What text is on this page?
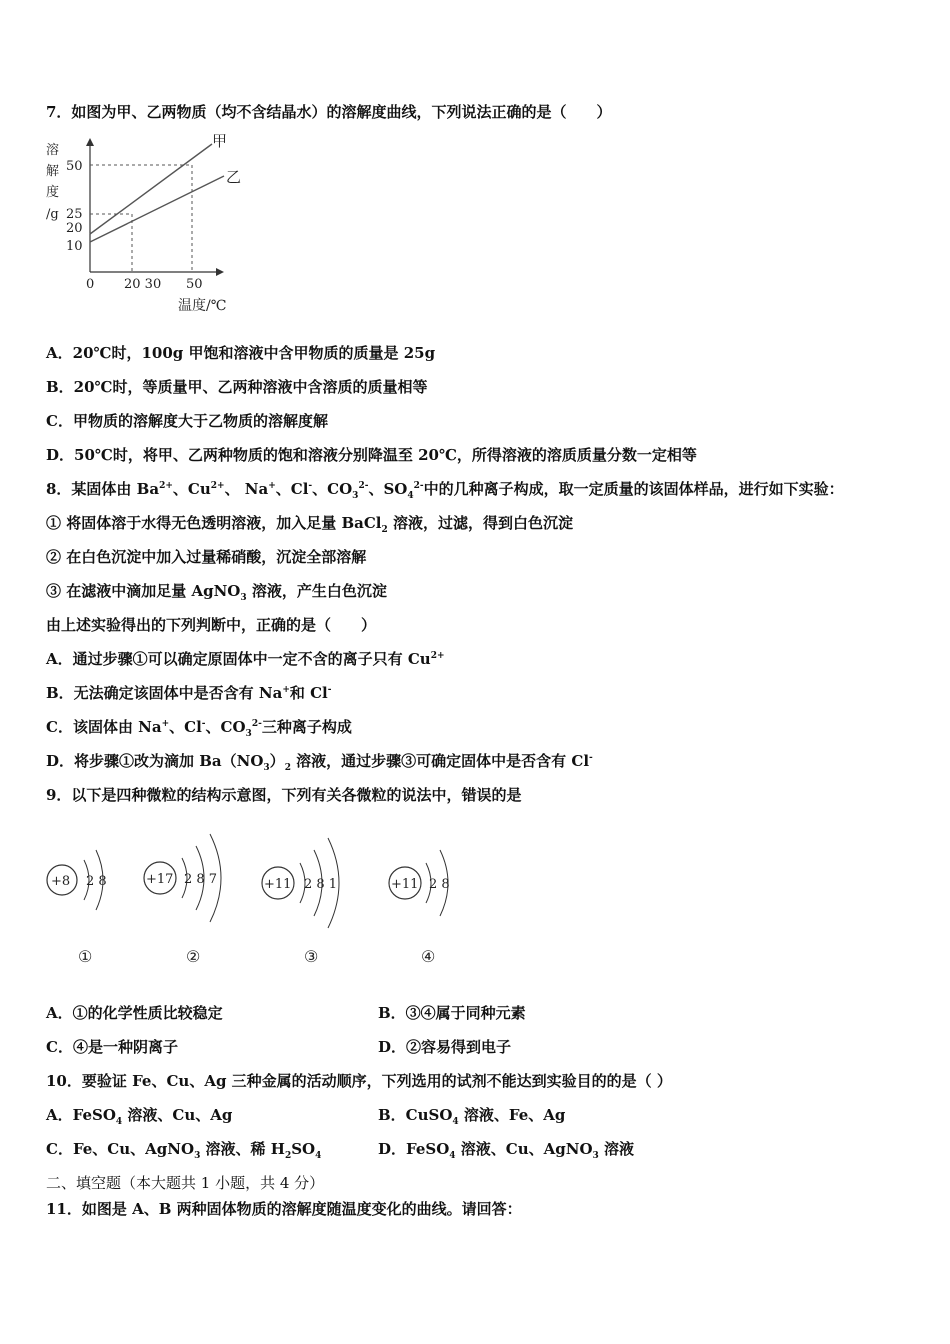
7．如图为甲、乙两物质（均不含结晶水）的溶解度曲线，下列说法正确的是（　　）
溶
解
度
/g
50
25
20
10
甲
乙
0 20 30 50
温度/℃
A．20℃时，100g 甲饱和溶液中含甲物质的质量是 25g
B．20℃时，等质量甲、乙两种溶液中含溶质的质量相等
C．甲物质的溶解度大于乙物质的溶解度解
D．50℃时，将甲、乙两种物质的饱和溶液分别降温至 20℃，所得溶液的溶质质量分数一定相等
8．某固体由 $Ba^{2+}$、$Cu^{2+}$、 Na+、Cl-、$CO_3^{2-}$、$SO_4^{2-}$中的几种离子构成，取一定质量的该固体样品，进行如下实验：
① 将固体溶于水得无色透明溶液，加入足量 BaCl$_2$ 溶液，过滤，得到白色沉淀
② 在白色沉淀中加入过量稀硝酸，沉淀全部溶解
③ 在滤液中滴加足量 AgNO$_3$ 溶液，产生白色沉淀
由上述实验得出的下列判断中，正确的是（　　）
A．通过步骤①可以确定原固体中一定不含的离子只有 $Cu^{2+}$
B．无法确定该固体中是否含有 Na+和 Cl-
C．该固体由 Na+、Cl-、$CO_3^{2-}$三种离子构成
D．将步骤①改为滴加 $Ba(NO_3)_2$ 溶液，通过步骤③可确定固体中是否含有 Cl-
9．以下是四种微粒的结构示意图，下列有关各微粒的说法中，错误的是
+8 2 8
①
+17 2 8 7
②
+11 2 8 1
③
+11 2 8
④
A．①的化学性质比较稳定	B．③④属于同种元素
C．④是一种阴离子	D．②容易得到电子
10．要验证 Fe、Cu、Ag 三种金属的活动顺序，下列选用的试剂不能达到实验目的的是（ ）
A．FeSO$_4$ 溶液、Cu、Ag	B．CuSO$_4$ 溶液、Fe、Ag
C．Fe、Cu、AgNO$_3$ 溶液、稀 $H_2SO_4$	D．FeSO$_4$ 溶液、Cu、AgNO$_3$ 溶液
二、填空题（本大题共 1 小题，共 4 分）
11．如图是 A、B 两种固体物质的溶解度随温度变化的曲线。请回答：
